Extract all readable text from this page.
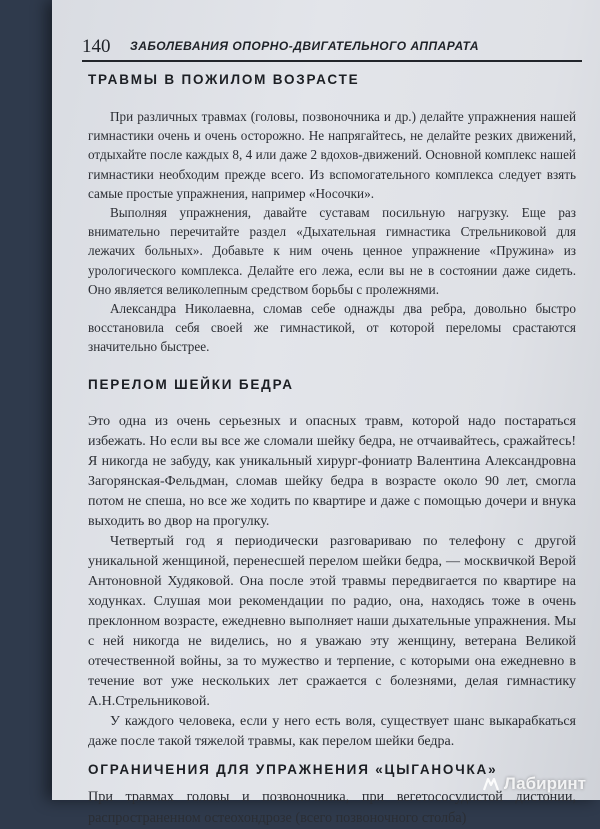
140 ЗАБОЛЕВАНИЯ ОПОРНО-ДВИГАТЕЛЬНОГО АППАРАТА
ТРАВМЫ В ПОЖИЛОМ ВОЗРАСТЕ

При различных травмах (головы, позвоночника и др.) делайте упражнения нашей гимнастики очень и очень осторожно. Не напрягайтесь, не делайте резких движений, отдыхайте после каждых 8, 4 или даже 2 вдохов-движений. Основной комплекс нашей гимнастики необходим прежде всего. Из вспомогательного комплекса следует взять самые простые упражнения, например «Носочки».

Выполняя упражнения, давайте суставам посильную нагрузку. Еще раз внимательно перечитайте раздел «Дыхательная гимнастика Стрельниковой для лежачих больных». Добавьте к ним очень ценное упражнение «Пружина» из урологического комплекса. Делайте его лежа, если вы не в состоянии даже сидеть. Оно является великолепным средством борьбы с пролежнями.

Александра Николаевна, сломав себе однажды два ребра, довольно быстро восстановила себя своей же гимнастикой, от которой переломы срастаются значительно быстрее.

ПЕРЕЛОМ ШЕЙКИ БЕДРА

Это одна из очень серьезных и опасных травм, которой надо постараться избежать. Но если вы все же сломали шейку бедра, не отчаивайтесь, сражайтесь! Я никогда не забуду, как уникальный хирург-фониатр Валентина Александровна Загорянская-Фельдман, сломав шейку бедра в возрасте около 90 лет, смогла потом не спеша, но все же ходить по квартире и даже с помощью дочери и внука выходить во двор на прогулку.

Четвертый год я периодически разговариваю по телефону с другой уникальной женщиной, перенесшей перелом шейки бедра, — москвичкой Верой Антоновной Худяковой. Она после этой травмы передвигается по квартире на ходунках. Слушая мои рекомендации по радио, она, находясь тоже в очень преклонном возрасте, ежедневно выполняет наши дыхательные упражнения. Мы с ней никогда не виделись, но я уважаю эту женщину, ветерана Великой отечественной войны, за то мужество и терпение, с которыми она ежедневно в течение вот уже нескольких лет сражается с болезнями, делая гимнастику А.Н.Стрельниковой.

У каждого человека, если у него есть воля, существует шанс выкарабкаться даже после такой тяжелой травмы, как перелом шейки бедра.

ОГРАНИЧЕНИЯ ДЛЯ УПРАЖНЕНИЯ «ЦЫГАНОЧКА»

При травмах головы и позвоночника, при вегетососудистой дистонии, распространенном остеохондрозе (всего позвоночного столба)

Лабиринт
